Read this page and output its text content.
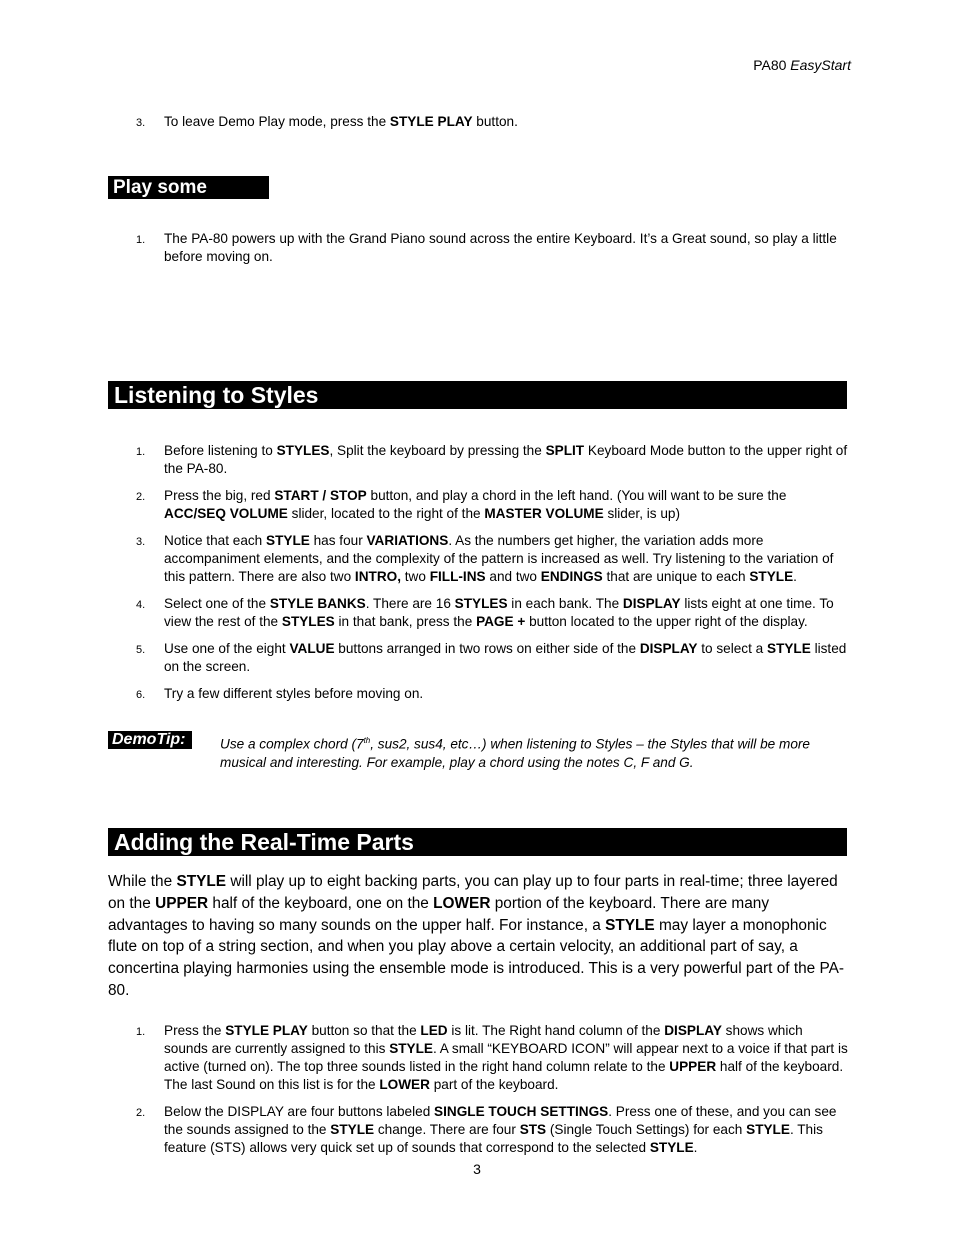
PA80 EasyStart
3. To leave Demo Play mode, press the STYLE PLAY button.
Play some Piano!
1. The PA-80 powers up with the Grand Piano sound across the entire Keyboard. It’s a Great sound, so play a little before moving on.
Listening to Styles
1. Before listening to STYLES, Split the keyboard by pressing the SPLIT Keyboard Mode button to the upper right of the PA-80.
2. Press the big, red START / STOP button, and play a chord in the left hand. (You will want to be sure the ACC/SEQ VOLUME slider, located to the right of the MASTER VOLUME slider, is up)
3. Notice that each STYLE has four VARIATIONS. As the numbers get higher, the variation adds more accompaniment elements, and the complexity of the pattern is increased as well. Try listening to the variation of this pattern. There are also two INTRO, two FILL-INS and two ENDINGS that are unique to each STYLE.
4. Select one of the STYLE BANKS. There are 16 STYLES in each bank. The DISPLAY lists eight at one time. To view the rest of the STYLES in that bank, press the PAGE + button located to the upper right of the display.
5. Use one of the eight VALUE buttons arranged in two rows on either side of the DISPLAY to select a STYLE listed on the screen.
6. Try a few different styles before moving on.
DemoTip:	Use a complex chord (7th, sus2, sus4, etc…) when listening to Styles – the Styles that will be more musical and interesting. For example, play a chord using the notes C, F and G.
Adding the Real-Time Parts
While the STYLE will play up to eight backing parts, you can play up to four parts in real-time; three layered on the UPPER half of the keyboard, one on the LOWER portion of the keyboard. There are many advantages to having so many sounds on the upper half. For instance, a STYLE may layer a monophonic flute on top of a string section, and when you play above a certain velocity, an additional part of say, a concertina playing harmonies using the ensemble mode is introduced. This is a very powerful part of the PA-80.
1. Press the STYLE PLAY button so that the LED is lit. The Right hand column of the DISPLAY shows which sounds are currently assigned to this STYLE. A small “KEYBOARD ICON” will appear next to a voice if that part is active (turned on). The top three sounds listed in the right hand column relate to the UPPER half of the keyboard. The last Sound on this list is for the LOWER part of the keyboard.
2. Below the DISPLAY are four buttons labeled SINGLE TOUCH SETTINGS. Press one of these, and you can see the sounds assigned to the STYLE change. There are four STS (Single Touch Settings) for each STYLE. This feature (STS) allows very quick set up of sounds that correspond to the selected STYLE.
3
